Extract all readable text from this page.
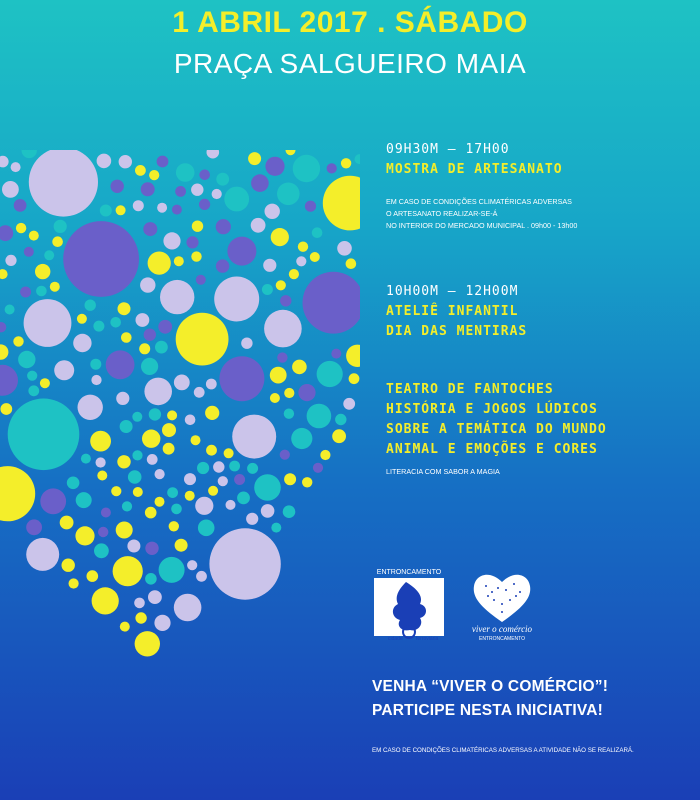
1 ABRIL 2017 . SÁBADO
PRAÇA SALGUEIRO MAIA
09H30M – 17H00
MOSTRA DE ARTESANATO
EM CASO DE CONDIÇÕES CLIMATÉRICAS ADVERSAS
O ARTESANATO REALIZAR-SE-Á
NO INTERIOR DO MERCADO MUNICIPAL . 09h00 - 13h00
10H00M – 12H00M
ATELIÊ INFANTIL
DIA DAS MENTIRAS
TEATRO DE FANTOCHES
HISTÓRIA E JOGOS LÚDICOS
SOBRE A TEMÁTICA DO MUNDO
ANIMAL E EMOÇÕES E CORES
LITERACIA COM SABOR A MAGIA
ENTRONCAMENTO
cidade	ferroviária
viver o comércio
ENTRONCAMENTO
VENHA “VIVER O COMÉRCIO”!
PARTICIPE NESTA INICIATIVA!
EM CASO DE CONDIÇÕES CLIMATÉRICAS ADVERSAS A ATIVIDADE NÃO SE REALIZARÁ.
